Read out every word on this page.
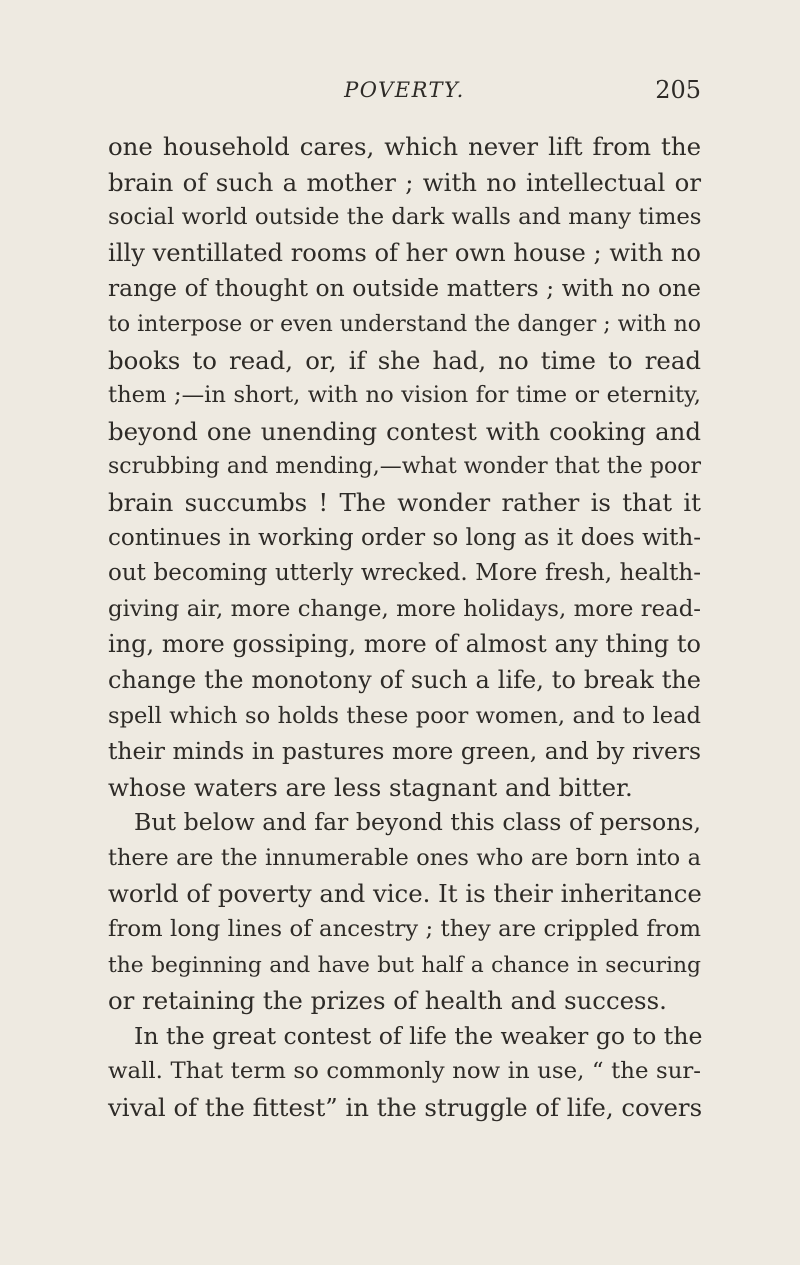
POVERTY.	205
one household cares, which never lift from the
brain of such a mother ; with no intellectual or
social world outside the dark walls and many times
illy ventillated rooms of her own house ; with no
range of thought on outside matters ; with no one
to interpose or even understand the danger ; with no
books to read, or, if she had, no time to read
them ;—in short, with no vision for time or eternity,
beyond one unending contest with cooking and
scrubbing and mending,—what wonder that the poor
brain succumbs ! The wonder rather is that it
continues in working order so long as it does with-
out becoming utterly wrecked. More fresh, health-
giving air, more change, more holidays, more read-
ing, more gossiping, more of almost any thing to
change the monotony of such a life, to break the
spell which so holds these poor women, and to lead
their minds in pastures more green, and by rivers
whose waters are less stagnant and bitter.
But below and far beyond this class of persons,
there are the innumerable ones who are born into a
world of poverty and vice. It is their inheritance
from long lines of ancestry ; they are crippled from
the beginning and have but half a chance in securing
or retaining the prizes of health and success.
In the great contest of life the weaker go to the
wall. That term so commonly now in use, “ the sur-
vival of the fittest” in the struggle of life, covers
